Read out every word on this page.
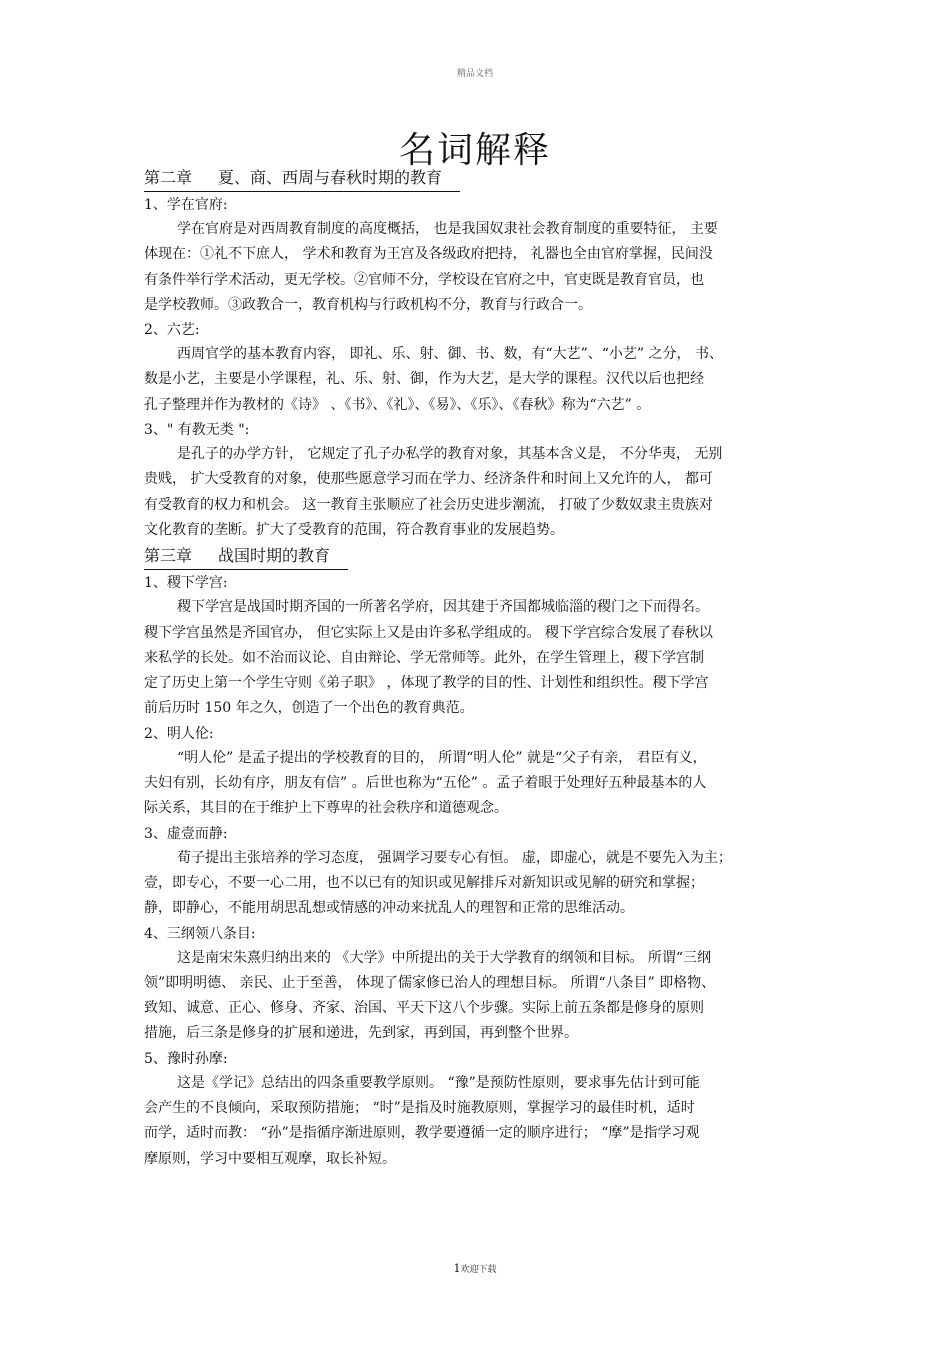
精品文档
名词解释
第二章 夏、商、西周与春秋时期的教育
1、学在官府:
学在官府是对西周教育制度的高度概括， 也是我国奴隶社会教育制度的重要特征， 主要
体现在：①礼不下庶人， 学术和教育为王宫及各级政府把持， 礼器也全由官府掌握，民间没
有条件举行学术活动，更无学校。②官师不分，学校设在官府之中，官吏既是教育官员，也
是学校教师。③政教合一，教育机构与行政机构不分，教育与行政合一。
2、六艺:
西周官学的基本教育内容， 即礼、乐、射、御、书、数，有“大艺”、“小艺” 之分， 书、
数是小艺，主要是小学课程，礼、乐、射、御，作为大艺，是大学的课程。汉代以后也把经
孔子整理并作为教材的《诗》 、《书》、《礼》、《易》、《乐》、《春秋》称为“六艺” 。
3、" 有教无类 ":
是孔子的办学方针， 它规定了孔子办私学的教育对象，其基本含义是， 不分华夷， 无别
贵贱， 扩大受教育的对象，使那些愿意学习而在学力、经济条件和时间上又允许的人， 都可
有受教育的权力和机会。 这一教育主张顺应了社会历史进步潮流， 打破了少数奴隶主贵族对
文化教育的垄断。扩大了受教育的范围，符合教育事业的发展趋势。
第三章 战国时期的教育
1、稷下学宫:
稷下学宫是战国时期齐国的一所著名学府，因其建于齐国都城临淄的稷门之下而得名。
稷下学宫虽然是齐国官办， 但它实际上又是由许多私学组成的。 稷下学宫综合发展了春秋以
来私学的长处。如不治而议论、自由辩论、学无常师等。此外，在学生管理上，稷下学宫制
定了历史上第一个学生守则《弟子职》 ，体现了教学的目的性、计划性和组织性。稷下学宫
前后历时 150 年之久，创造了一个出色的教育典范。
2、明人伦:
“明人伦” 是孟子提出的学校教育的目的， 所谓“明人伦” 就是“父子有亲， 君臣有义，
夫妇有别，长幼有序，朋友有信” 。后世也称为“五伦” 。孟子着眼于处理好五种最基本的人
际关系，其目的在于维护上下尊卑的社会秩序和道德观念。
3、虚壹而静:
荀子提出主张培养的学习态度， 强调学习要专心有恒。 虚，即虚心，就是不要先入为主；
壹，即专心，不要一心二用，也不以已有的知识或见解排斥对新知识或见解的研究和掌握；
静，即静心，不能用胡思乱想或情感的冲动来扰乱人的理智和正常的思维活动。
4、三纲领八条目:
这是南宋朱熹归纳出来的 《大学》中所提出的关于大学教育的纲领和目标。 所谓“三纲
领”即明明德、 亲民、止于至善， 体现了儒家修已治人的理想目标。 所谓“八条目” 即格物、
致知、诚意、正心、修身、齐家、治国、平天下这八个步骤。实际上前五条都是修身的原则
措施，后三条是修身的扩展和递进，先到家，再到国，再到整个世界。
5、豫时孙摩:
这是《学记》总结出的四条重要教学原则。 “豫”是预防性原则，要求事先估计到可能
会产生的不良倾向，采取预防措施； “时”是指及时施教原则，掌握学习的最佳时机，适时
而学，适时而教： “孙”是指循序渐进原则，教学要遵循一定的顺序进行； “摩”是指学习观
摩原则，学习中要相互观摩，取长补短。
1欢迎下载
